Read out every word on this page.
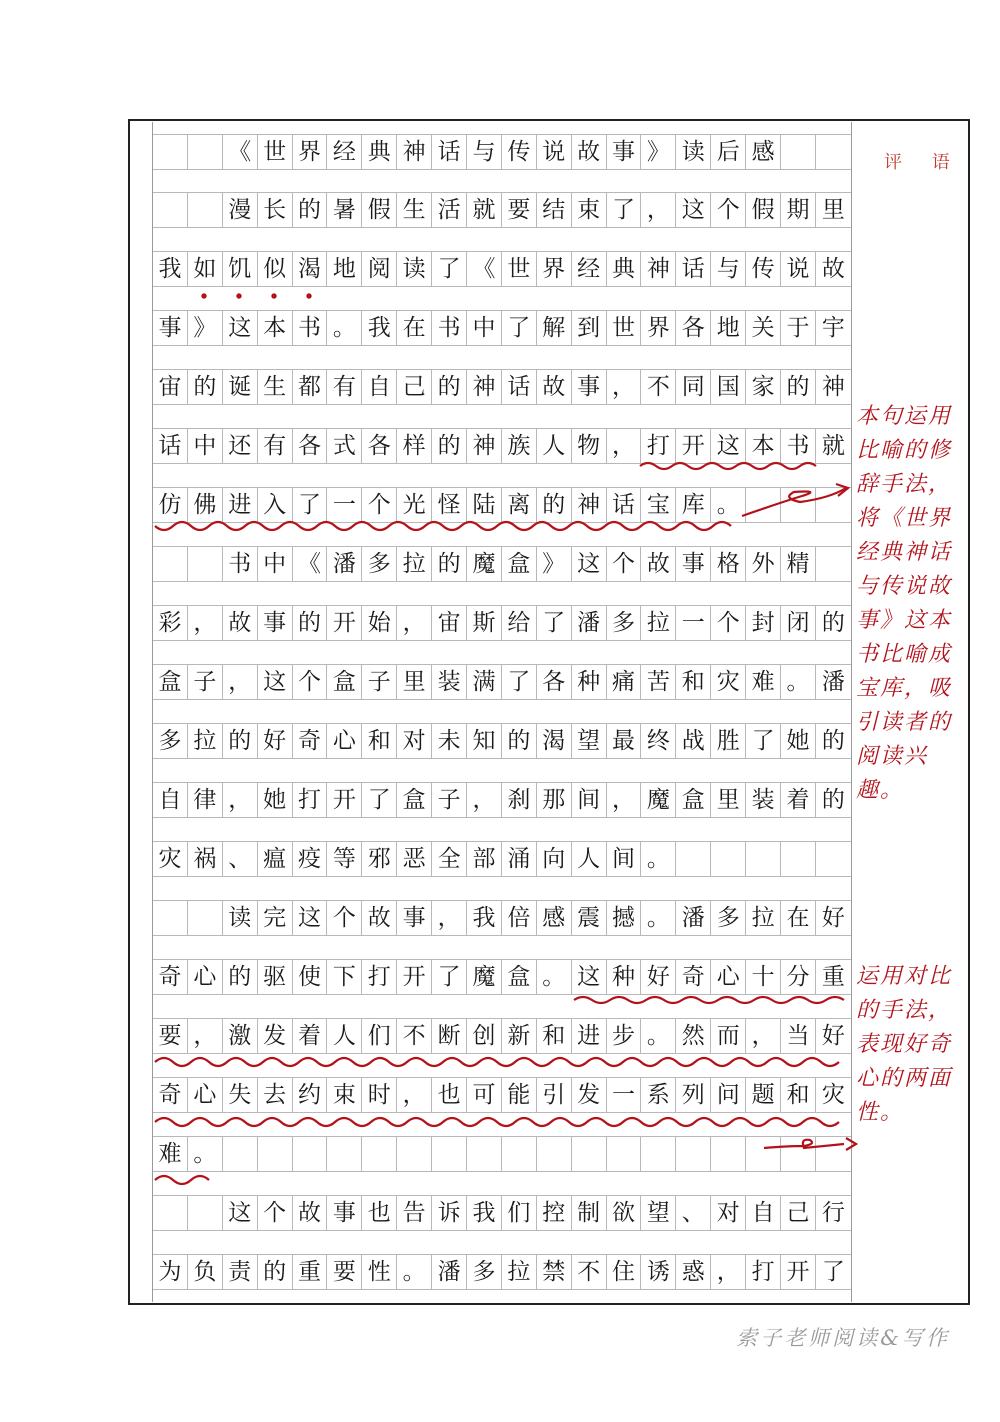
《 世 界 经 典 神 话 与 传 说 故 事 》 读 后 感
漫 长 的 暑 假 生 活 就 要 结 束 了 ， 这 个 假 期 里
我 如 饥 似 渴 地 阅 读 了 《 世 界 经 典 神 话 与 传 说 故
事 》 这 本 书 。 我 在 书 中 了 解 到 世 界 各 地 关 于 宇
宙 的 诞 生 都 有 自 己 的 神 话 故 事 ， 不 同 国 家 的 神
话 中 还 有 各 式 各 样 的 神 族 人 物 ， 打 开 这 本 书 就
仿 佛 进 入 了 一 个 光 怪 陆 离 的 神 话 宝 库 。
书 中 《 潘 多 拉 的 魔 盒 》 这 个 故 事 格 外 精
彩 ， 故 事 的 开 始 ， 宙 斯 给 了 潘 多 拉 一 个 封 闭 的
盒 子 ， 这 个 盒 子 里 装 满 了 各 种 痛 苦 和 灾 难 。 潘
多 拉 的 好 奇 心 和 对 未 知 的 渴 望 最 终 战 胜 了 她 的
自 律 ， 她 打 开 了 盒 子 ， 刹 那 间 ， 魔 盒 里 装 着 的
灾 祸 、 瘟 疫 等 邪 恶 全 部 涌 向 人 间 。
读 完 这 个 故 事 ， 我 倍 感 震 撼 。 潘 多 拉 在 好
奇 心 的 驱 使 下 打 开 了 魔 盒 。 这 种 好 奇 心 十 分 重
要 ， 激 发 着 人 们 不 断 创 新 和 进 步 。 然 而 ， 当 好
奇 心 失 去 约 束 时 ， 也 可 能 引 发 一 系 列 问 题 和 灾
难 。
这 个 故 事 也 告 诉 我 们 控 制 欲 望 、 对 自 己 行
为 负 责 的 重 要 性 。 潘 多 拉 禁 不 住 诱 惑 ， 打 开 了
评 语
本句运用比喻的修辞手法，将《世界经典神话与传说故事》这本书比喻成宝库，吸引读者的阅读兴趣。
运用对比的手法，表现好奇心的两面性。
索子老师阅读&写作
